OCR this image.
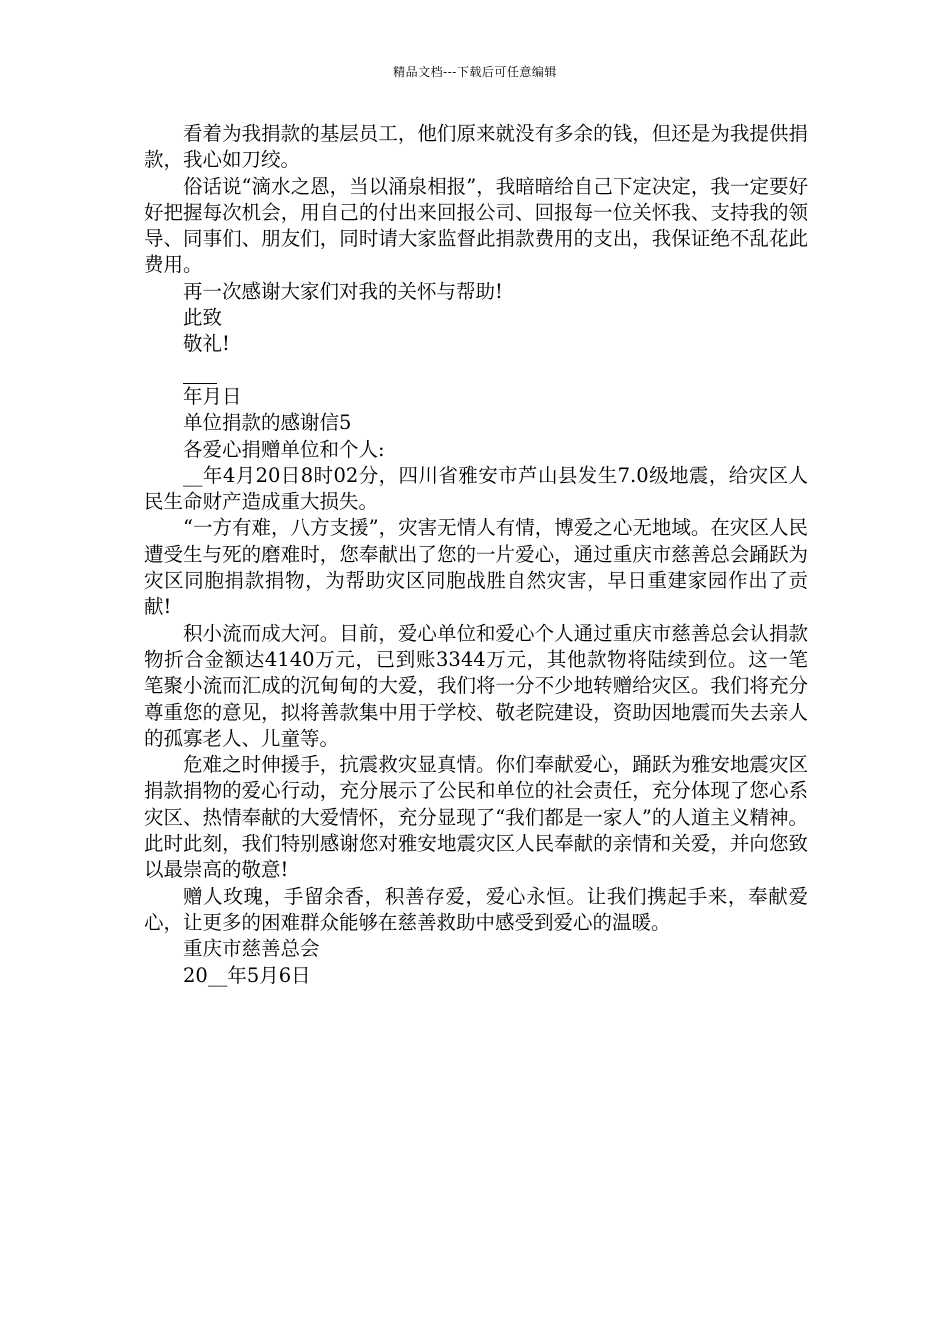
精品文档---下载后可任意编辑

看着为我捐款的基层员工，他们原来就没有多余的钱，但还是为我提供捐款，我心如刀绞。

俗话说“滴水之恩，当以涌泉相报”，我暗暗给自己下定决定，我一定要好好把握每次机会，用自己的付出来回报公司、回报每一位关怀我、支持我的领导、同事们、朋友们，同时请大家监督此捐款费用的支出，我保证绝不乱花此费用。

再一次感谢大家们对我的关怀与帮助!

此致

敬礼!

年月日

单位捐款的感谢信5

各爱心捐赠单位和个人:

__年4月20日8时02分，四川省雅安市芦山县发生7.0级地震，给灾区人民生命财产造成重大损失。

“一方有难，八方支援”，灾害无情人有情，博爱之心无地域。在灾区人民遭受生与死的磨难时，您奉献出了您的一片爱心，通过重庆市慈善总会踊跃为灾区同胞捐款捐物，为帮助灾区同胞战胜自然灾害，早日重建家园作出了贡献!

积小流而成大河。目前，爱心单位和爱心个人通过重庆市慈善总会认捐款物折合金额达4140万元，已到账3344万元，其他款物将陆续到位。这一笔笔聚小流而汇成的沉甸甸的大爱，我们将一分不少地转赠给灾区。我们将充分尊重您的意见，拟将善款集中用于学校、敬老院建设，资助因地震而失去亲人的孤寡老人、儿童等。

危难之时伸援手，抗震救灾显真情。你们奉献爱心，踊跃为雅安地震灾区捐款捐物的爱心行动，充分展示了公民和单位的社会责任，充分体现了您心系灾区、热情奉献的大爱情怀，充分显现了“我们都是一家人”的人道主义精神。此时此刻，我们特别感谢您对雅安地震灾区人民奉献的亲情和关爱，并向您致以最崇高的敬意!

赠人玫瑰，手留余香，积善存爱，爱心永恒。让我们携起手来，奉献爱心，让更多的困难群众能够在慈善救助中感受到爱心的温暖。

重庆市慈善总会

20__年5月6日
